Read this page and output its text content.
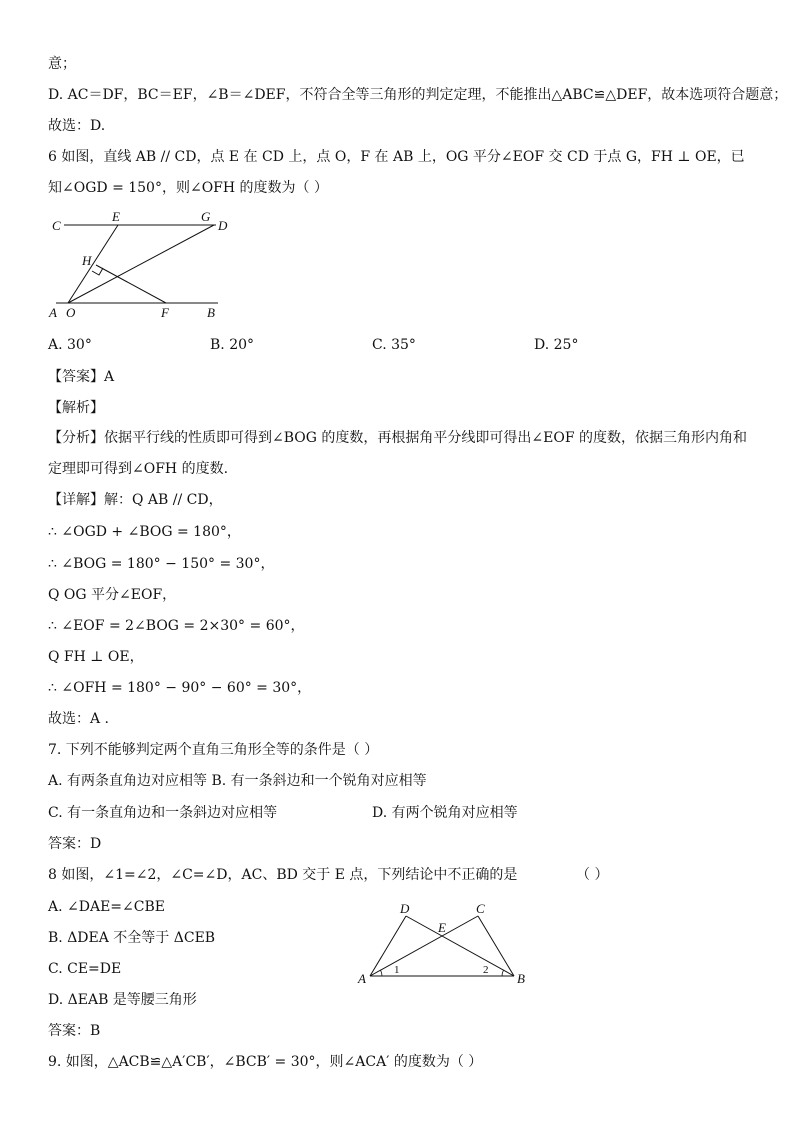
意；
D. AC＝DF，BC＝EF，∠B＝∠DEF，不符合全等三角形的判定定理，不能推出△ABC≌△DEF，故本选项符合题意；
故选：D.
6 如图，直线 AB // CD，点 E 在 CD 上，点 O，F 在 AB 上，OG 平分∠EOF 交 CD 于点 G，FH ⊥ OE，已
知∠OGD = 150°，则∠OFH 的度数为（ ）
C
E	G
D
H
A O	F	B
A. 30°	B. 20°	C. 35°	D. 25°
【答案】A
【解析】
【分析】依据平行线的性质即可得到∠BOG 的度数，再根据角平分线即可得出∠EOF 的度数，依据三角形内角和
定理即可得到∠OFH 的度数.
【详解】解：Q AB // CD，
∴ ∠OGD + ∠BOG = 180°，
∴ ∠BOG = 180° − 150° = 30°，
Q OG 平分∠EOF，
∴ ∠EOF = 2∠BOG = 2×30° = 60°，
Q FH ⊥ OE，
∴ ∠OFH = 180° − 90° − 60° = 30°，
故选：A .
7. 下列不能够判定两个直角三角形全等的条件是（ ）
A. 有两条直角边对应相等 B. 有一条斜边和一个锐角对应相等
C. 有一条直角边和一条斜边对应相等	D. 有两个锐角对应相等
答案：D
8 如图，∠1=∠2，∠C=∠D，AC、BD 交于 E 点，下列结论中不正确的是	（ ）
A. ∠DAE=∠CBE
B. ΔDEA 不全等于 ΔCEB
C. CE=DE
D. ΔEAB 是等腰三角形
D	C
E
A	B
1	2
答案：B
9. 如图，△ACB≌△A′CB′，∠BCB′ = 30°，则∠ACA′ 的度数为（ ）
